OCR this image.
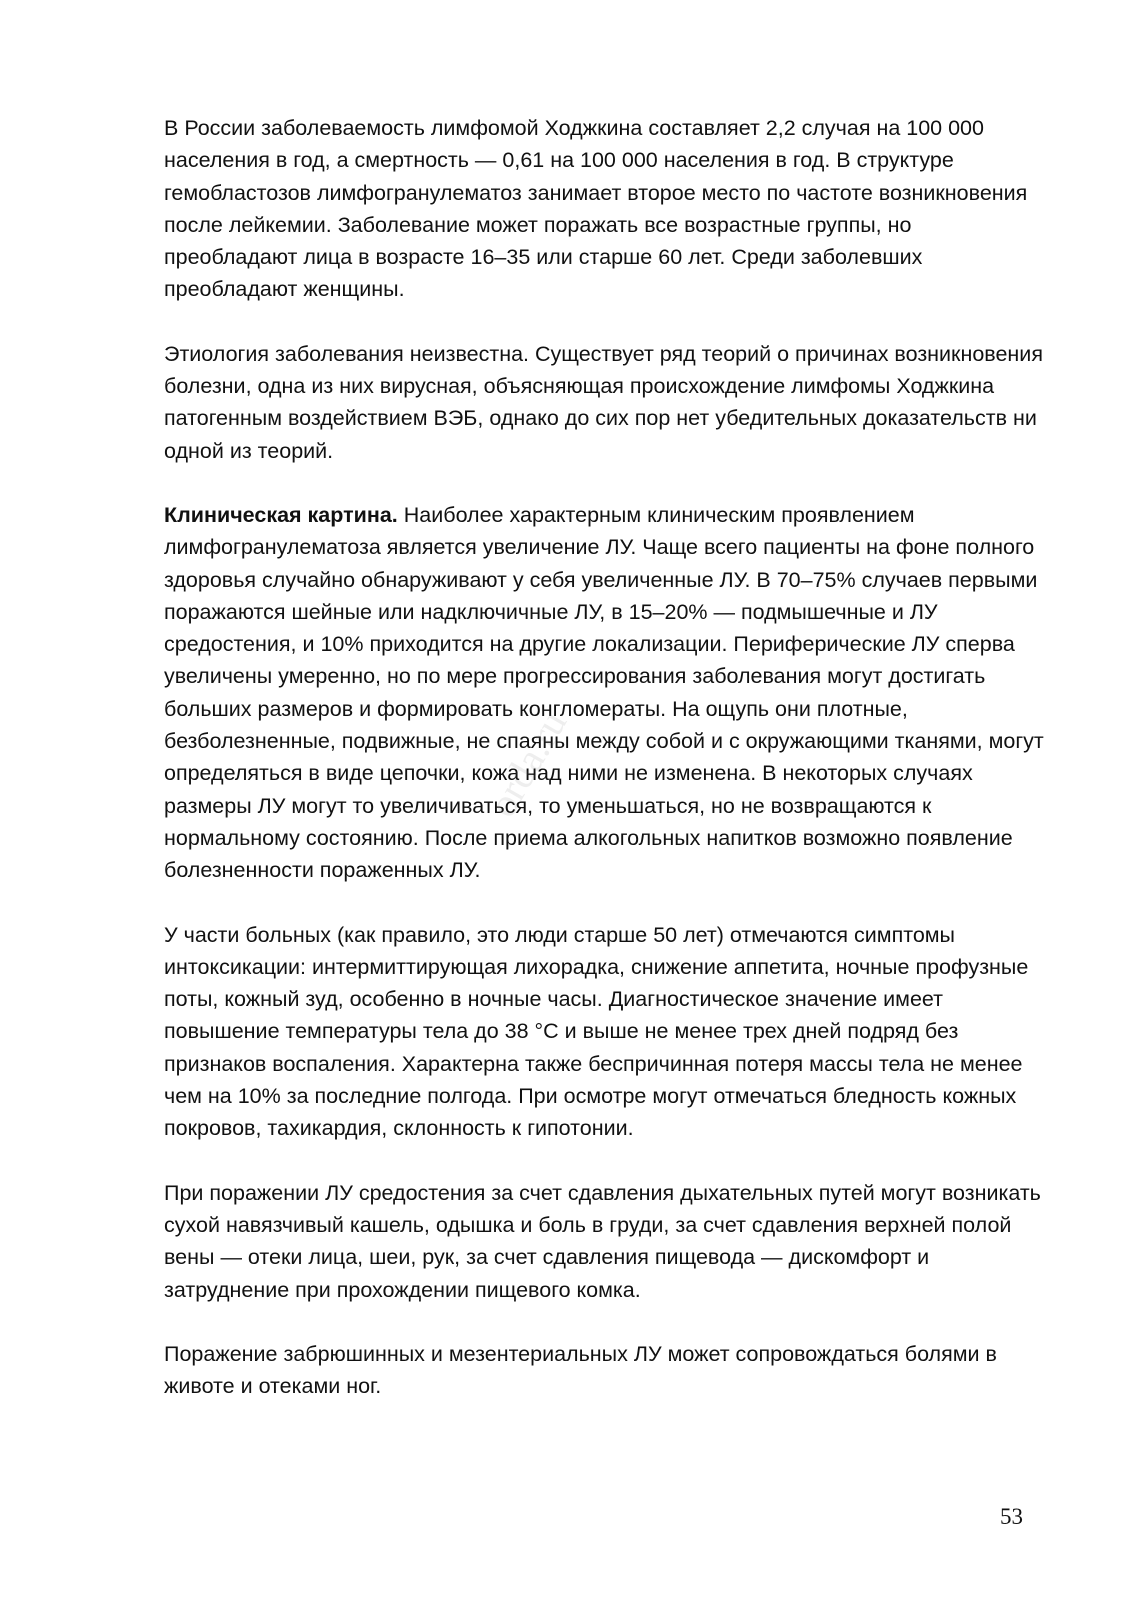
В России заболеваемость лимфомой Ходжкина составляет 2,2 случая на 100 000 населения в год, а смертность — 0,61 на 100 000 населения в год. В структуре гемобластозов лимфогранулематоз занимает второе место по частоте возникновения после лейкемии. Заболевание может поражать все возрастные группы, но преобладают лица в возрасте 16–35 или старше 60 лет. Среди заболевших преобладают женщины.

Этиология заболевания неизвестна. Существует ряд теорий о причинах возникновения болезни, одна из них вирусная, объясняющая происхождение лимфомы Ходжкина патогенным воздействием ВЭБ, однако до сих пор нет убедительных доказательств ни одной из теорий.

Клиническая картина. Наиболее характерным клиническим проявлением лимфогранулематоза является увеличение ЛУ. Чаще всего пациенты на фоне полного здоровья случайно обнаруживают у себя увеличенные ЛУ. В 70–75% случаев первыми поражаются шейные или надключичные ЛУ, в 15–20% — подмышечные и ЛУ средостения, и 10% приходится на другие локализации. Периферические ЛУ сперва увеличены умеренно, но по мере прогрессирования заболевания могут достигать больших размеров и формировать конгломераты. На ощупь они плотные, безболезненные, подвижные, не спаяны между собой и с окружающими тканями, могут определяться в виде цепочки, кожа над ними не изменена. В некоторых случаях размеры ЛУ могут то увеличиваться, то уменьшаться, но не возвращаются к нормальному состоянию. После приема алкогольных напитков возможно появление болезненности пораженных ЛУ.

У части больных (как правило, это люди старше 50 лет) отмечаются симптомы интоксикации: интермиттирующая лихорадка, снижение аппетита, ночные профузные поты, кожный зуд, особенно в ночные часы. Диагностическое значение имеет повышение температуры тела до 38 °С и выше не менее трех дней подряд без признаков воспаления. Характерна также беспричинная потеря массы тела не менее чем на 10% за последние полгода. При осмотре могут отмечаться бледность кожных покровов, тахикардия, склонность к гипотонии.

При поражении ЛУ средостения за счет сдавления дыхательных путей могут возникать сухой навязчивый кашель, одышка и боль в груди, за счет сдавления верхней полой вены — отеки лица, шеи, рук, за счет сдавления пищевода — дискомфорт и затруднение при прохождении пищевого комка.

Поражение забрюшинных и мезентериальных ЛУ может сопровождаться болями в животе и отеками ног.

orda.ru
53
